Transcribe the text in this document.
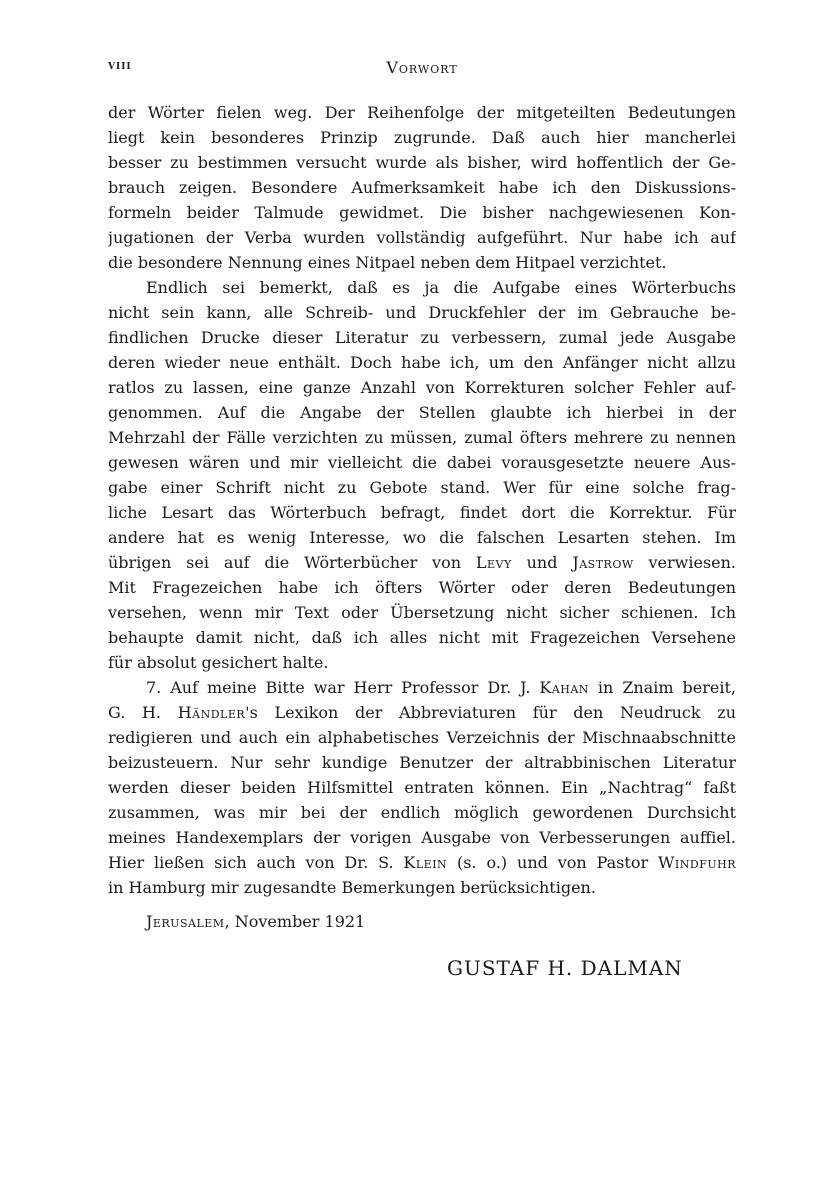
viii	Vorwort
der Wörter fielen weg. Der Reihenfolge der mitgeteilten Bedeutungen
liegt kein besonderes Prinzip zugrunde. Daß auch hier mancherlei
besser zu bestimmen versucht wurde als bisher, wird hoffentlich der Ge-
brauch zeigen. Besondere Aufmerksamkeit habe ich den Diskussions-
formeln beider Talmude gewidmet. Die bisher nachgewiesenen Kon-
jugationen der Verba wurden vollständig aufgeführt. Nur habe ich auf
die besondere Nennung eines Nitpael neben dem Hitpael verzichtet.
Endlich sei bemerkt, daß es ja die Aufgabe eines Wörterbuchs
nicht sein kann, alle Schreib- und Druckfehler der im Gebrauche be-
findlichen Drucke dieser Literatur zu verbessern, zumal jede Ausgabe
deren wieder neue enthält. Doch habe ich, um den Anfänger nicht allzu
ratlos zu lassen, eine ganze Anzahl von Korrekturen solcher Fehler auf-
genommen. Auf die Angabe der Stellen glaubte ich hierbei in der
Mehrzahl der Fälle verzichten zu müssen, zumal öfters mehrere zu nennen
gewesen wären und mir vielleicht die dabei vorausgesetzte neuere Aus-
gabe einer Schrift nicht zu Gebote stand. Wer für eine solche frag-
liche Lesart das Wörterbuch befragt, findet dort die Korrektur. Für
andere hat es wenig Interesse, wo die falschen Lesarten stehen. Im
übrigen sei auf die Wörterbücher von Levy und Jastrow verwiesen.
Mit Fragezeichen habe ich öfters Wörter oder deren Bedeutungen
versehen, wenn mir Text oder Übersetzung nicht sicher schienen. Ich
behaupte damit nicht, daß ich alles nicht mit Fragezeichen Versehene
für absolut gesichert halte.
7. Auf meine Bitte war Herr Professor Dr. J. Kahan in Znaim bereit,
G. H. Händler's Lexikon der Abbreviaturen für den Neudruck zu
redigieren und auch ein alphabetisches Verzeichnis der Mischnaabschnitte
beizusteuern. Nur sehr kundige Benutzer der altrabbinischen Literatur
werden dieser beiden Hilfsmittel entraten können. Ein „Nachtrag“ faßt
zusammen, was mir bei der endlich möglich gewordenen Durchsicht
meines Handexemplars der vorigen Ausgabe von Verbesserungen auffiel.
Hier ließen sich auch von Dr. S. Klein (s. o.) und von Pastor Windfuhr
in Hamburg mir zugesandte Bemerkungen berücksichtigen.
Jerusalem, November 1921
GUSTAF H. DALMAN
